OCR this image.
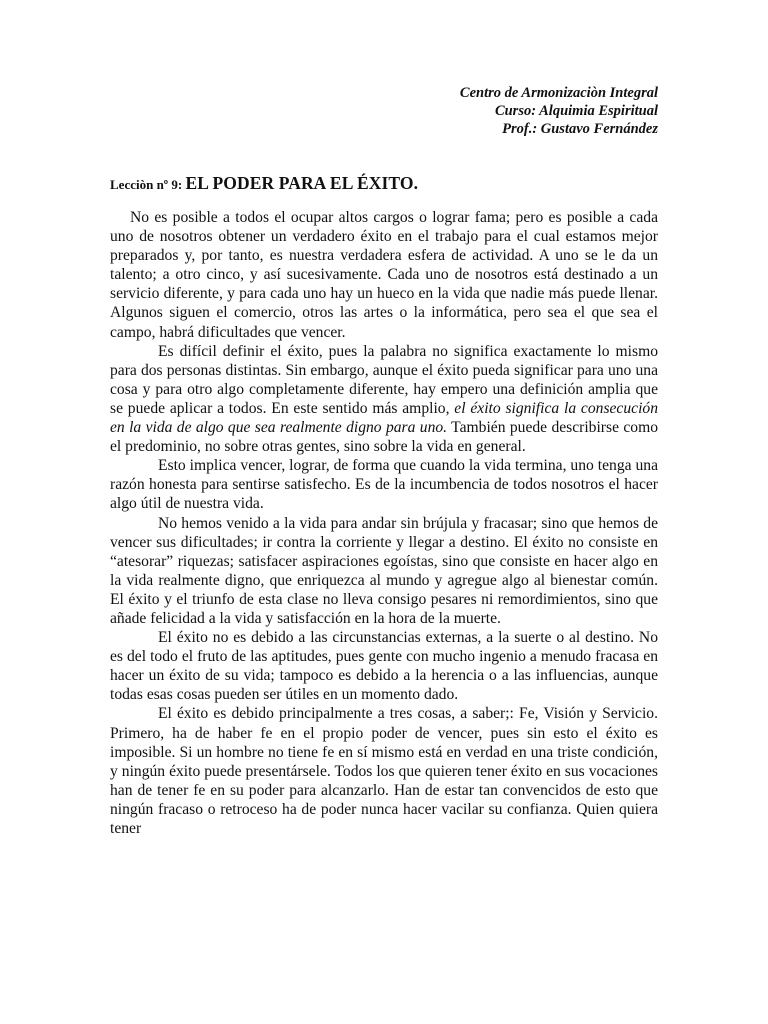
Centro de Armonizaciòn Integral
Curso: Alquimia Espiritual
Prof.: Gustavo Fernández
Lecciòn nº 9: EL PODER PARA EL ÉXITO.

No es posible a todos el ocupar altos cargos o lograr fama; pero es posible a cada uno de nosotros obtener un verdadero éxito en el trabajo para el cual estamos mejor preparados y, por tanto, es nuestra verdadera esfera de actividad. A uno se le da un talento; a otro cinco, y así sucesivamente. Cada uno de nosotros está destinado a un servicio diferente, y para cada uno hay un hueco en la vida que nadie más puede llenar. Algunos siguen el comercio, otros las artes o la informática, pero sea el que sea el campo, habrá dificultades que vencer.

Es difícil definir el éxito, pues la palabra no significa exactamente lo mismo para dos personas distintas. Sin embargo, aunque el éxito pueda significar para uno una cosa y para otro algo completamente diferente, hay empero una definición amplia que se puede aplicar a todos. En este sentido más amplio, el éxito significa la consecución en la vida de algo que sea realmente digno para uno. También puede describirse como el predominio, no sobre otras gentes, sino sobre la vida en general.

Esto implica vencer, lograr, de forma que cuando la vida termina, uno tenga una razón honesta para sentirse satisfecho. Es de la incumbencia de todos nosotros el hacer algo útil de nuestra vida.

No hemos venido a la vida para andar sin brújula y fracasar; sino que hemos de vencer sus dificultades; ir contra la corriente y llegar a destino. El éxito no consiste en “atesorar” riquezas; satisfacer aspiraciones egoístas, sino que consiste en hacer algo en la vida realmente digno, que enriquezca al mundo y agregue algo al bienestar común. El éxito y el triunfo de esta clase no lleva consigo pesares ni remordimientos, sino que añade felicidad a la vida y satisfacción en la hora de la muerte.

El éxito no es debido a las circunstancias externas, a la suerte o al destino. No es del todo el fruto de las aptitudes, pues gente con mucho ingenio a menudo fracasa en hacer un éxito de su vida; tampoco es debido a la herencia o a las influencias, aunque todas esas cosas pueden ser útiles en un momento dado.

El éxito es debido principalmente a tres cosas, a saber;: Fe, Visión y Servicio. Primero, ha de haber fe en el propio poder de vencer, pues sin esto el éxito es imposible. Si un hombre no tiene fe en sí mismo está en verdad en una triste condición, y ningún éxito puede presentársele. Todos los que quieren tener éxito en sus vocaciones han de tener fe en su poder para alcanzarlo. Han de estar tan convencidos de esto que ningún fracaso o retroceso ha de poder nunca hacer vacilar su confianza. Quien quiera tener
